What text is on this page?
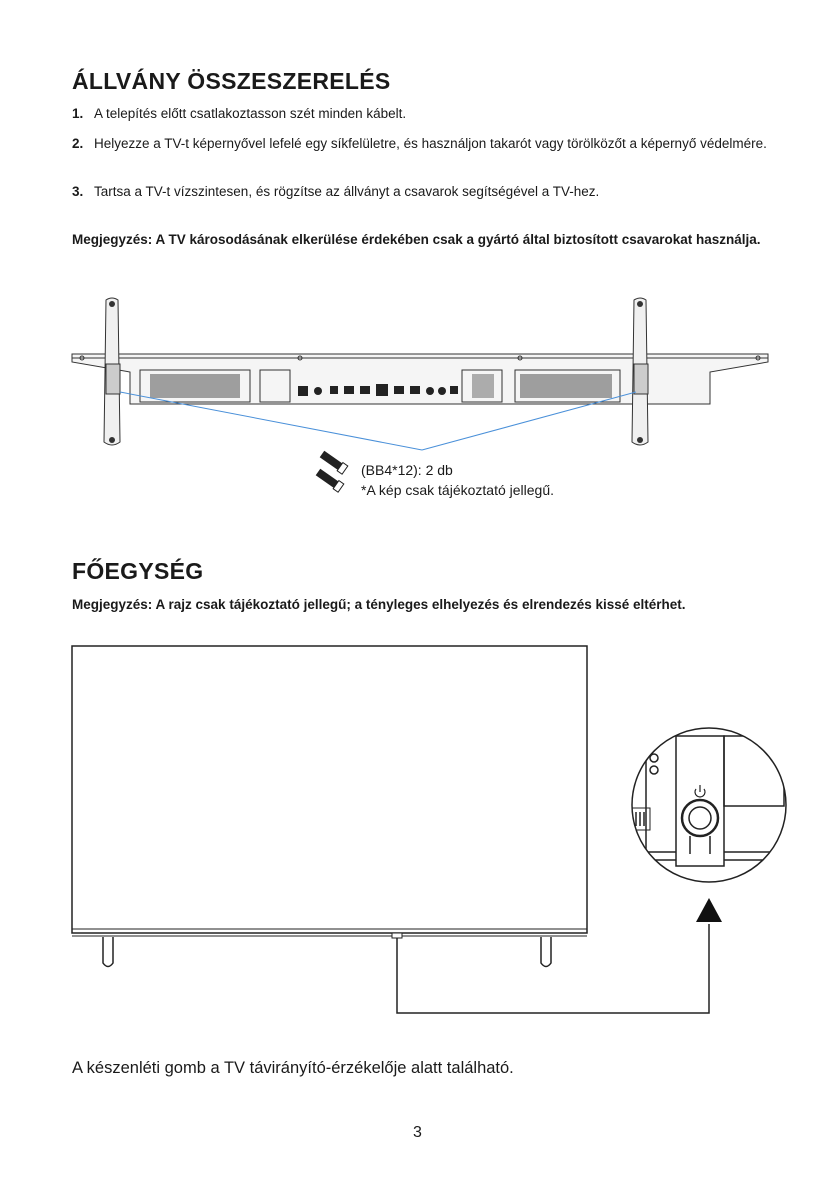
ÁLLVÁNY ÖSSZESZERELÉS
1. A telepítés előtt csatlakoztasson szét minden kábelt.
2. Helyezze a TV-t képernyővel lefelé egy síkfelületre, és használjon takarót vagy törölközőt a képernyő védelmére.
3. Tartsa a TV-t vízszintesen, és rögzítse az állványt a csavarok segítségével a TV-hez.
Megjegyzés: A TV károsodásának elkerülése érdekében csak a gyártó által biztosított csavarokat használja.
(BB4*12): 2 db
*A kép csak tájékoztató jellegű.
FŐEGYSÉG
Megjegyzés: A rajz csak tájékoztató jellegű; a tényleges elhelyezés és elrendezés kissé eltérhet.
A készenléti gomb a TV távirányító-érzékelője alatt található.
3
